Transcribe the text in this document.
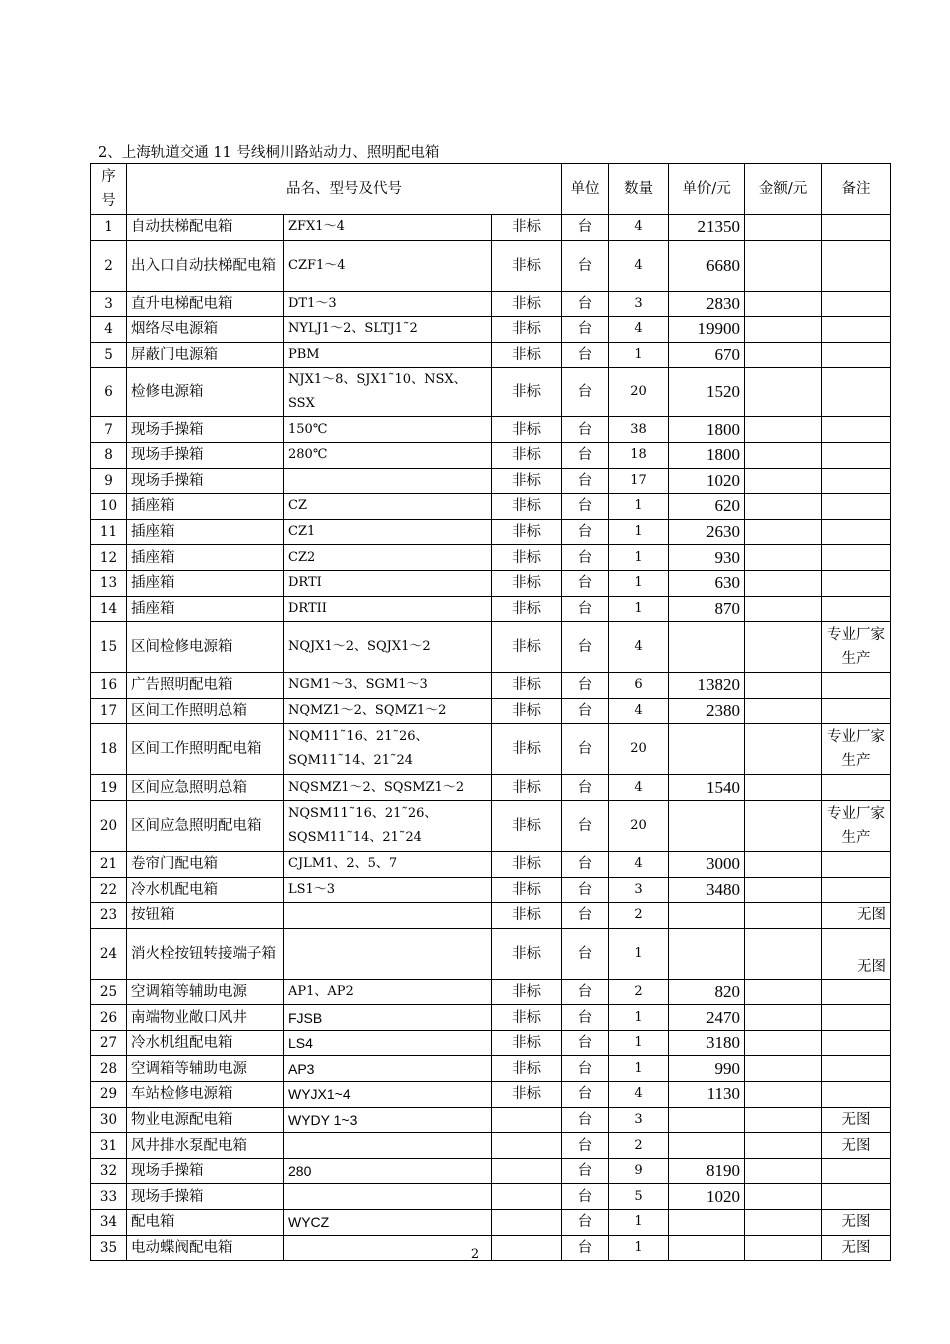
2、上海轨道交通 11 号线桐川路站动力、照明配电箱
序号	品名、型号及代号			单位	数量	单价/元	金额/元	备注
1	自动扶梯配电箱	ZFX1～4	非标	台	4	21350		
2	出入口自动扶梯配电箱	CZF1～4	非标	台	4	6680		
3	直升电梯配电箱	DT1～3	非标	台	3	2830		
4	烟络尽电源箱	NYLJ1～2、SLTJ1˜2	非标	台	4	19900		
5	屏蔽门电源箱	PBM	非标	台	1	670		
6	检修电源箱	NJX1～8、SJX1˜10、NSX、SSX	非标	台	20	1520		
7	现场手操箱	150℃	非标	台	38	1800		
8	现场手操箱	280℃	非标	台	18	1800		
9	现场手操箱		非标	台	17	1020		
10	插座箱	CZ	非标	台	1	620		
11	插座箱	CZ1	非标	台	1	2630		
12	插座箱	CZ2	非标	台	1	930		
13	插座箱	DRTI	非标	台	1	630		
14	插座箱	DRTII	非标	台	1	870		
15	区间检修电源箱	NQJX1～2、SQJX1～2	非标	台	4			专业厂家生产
16	广告照明配电箱	NGM1～3、SGM1～3	非标	台	6	13820		
17	区间工作照明总箱	NQMZ1～2、SQMZ1～2	非标	台	4	2380		
18	区间工作照明配电箱	NQM11˜16、21˜26、SQM11˜14、21˜24	非标	台	20			专业厂家生产
19	区间应急照明总箱	NQSMZ1～2、SQSMZ1～2	非标	台	4	1540		
20	区间应急照明配电箱	NQSM11˜16、21˜26、SQSM11˜14、21˜24	非标	台	20			专业厂家生产
21	卷帘门配电箱	CJLM1、2、5、7	非标	台	4	3000		
22	冷水机配电箱	LS1～3	非标	台	3	3480		
23	按钮箱		非标	台	2			无图
24	消火栓按钮转接端子箱		非标	台	1			无图
25	空调箱等辅助电源	AP1、AP2	非标	台	2	820		
26	南端物业敞口风井	FJSB	非标	台	1	2470		
27	冷水机组配电箱	LS4	非标	台	1	3180		
28	空调箱等辅助电源	AP3	非标	台	1	990		
29	车站检修电源箱	WYJX1~4	非标	台	4	1130		
30	物业电源配电箱	WYDY 1~3		台	3			无图
31	风井排水泵配电箱			台	2			无图
32	现场手操箱	280		台	9	8190		
33	现场手操箱			台	5	1020		
34	配电箱	WYCZ		台	1			无图
35	电动蝶阀配电箱			台	1			无图
2
